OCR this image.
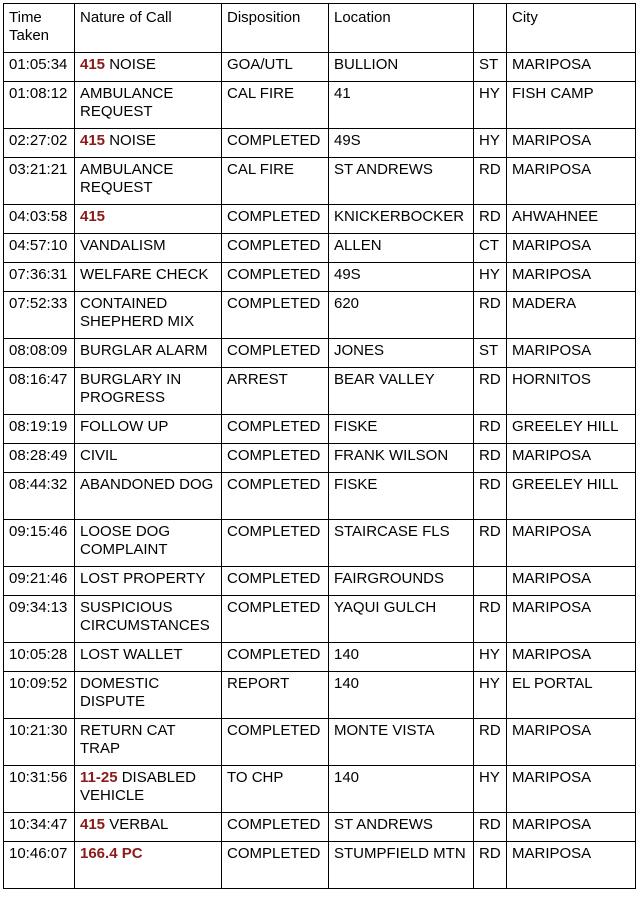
Time Taken	Nature of Call	Disposition	Location		City
01:05:34	415 NOISE	GOA/UTL	BULLION	ST	MARIPOSA
01:08:12	AMBULANCE REQUEST	CAL FIRE	41	HY	FISH CAMP
02:27:02	415 NOISE	COMPLETED	49S	HY	MARIPOSA
03:21:21	AMBULANCE REQUEST	CAL FIRE	ST ANDREWS	RD	MARIPOSA
04:03:58	415	COMPLETED	KNICKERBOCKER	RD	AHWAHNEE
04:57:10	VANDALISM	COMPLETED	ALLEN	CT	MARIPOSA
07:36:31	WELFARE CHECK	COMPLETED	49S	HY	MARIPOSA
07:52:33	CONTAINED SHEPHERD MIX	COMPLETED	620	RD	MADERA
08:08:09	BURGLAR ALARM	COMPLETED	JONES	ST	MARIPOSA
08:16:47	BURGLARY IN PROGRESS	ARREST	BEAR VALLEY	RD	HORNITOS
08:19:19	FOLLOW UP	COMPLETED	FISKE	RD	GREELEY HILL
08:28:49	CIVIL	COMPLETED	FRANK WILSON	RD	MARIPOSA
08:44:32	ABANDONED DOG	COMPLETED	FISKE	RD	GREELEY HILL
09:15:46	LOOSE DOG COMPLAINT	COMPLETED	STAIRCASE FLS	RD	MARIPOSA
09:21:46	LOST PROPERTY	COMPLETED	FAIRGROUNDS		MARIPOSA
09:34:13	SUSPICIOUS CIRCUMSTANCES	COMPLETED	YAQUI GULCH	RD	MARIPOSA
10:05:28	LOST WALLET	COMPLETED	140	HY	MARIPOSA
10:09:52	DOMESTIC DISPUTE	REPORT	140	HY	EL PORTAL
10:21:30	RETURN CAT TRAP	COMPLETED	MONTE VISTA	RD	MARIPOSA
10:31:56	11-25 DISABLED VEHICLE	TO CHP	140	HY	MARIPOSA
10:34:47	415 VERBAL	COMPLETED	ST ANDREWS	RD	MARIPOSA
10:46:07	166.4 PC	COMPLETED	STUMPFIELD MTN	RD	MARIPOSA
